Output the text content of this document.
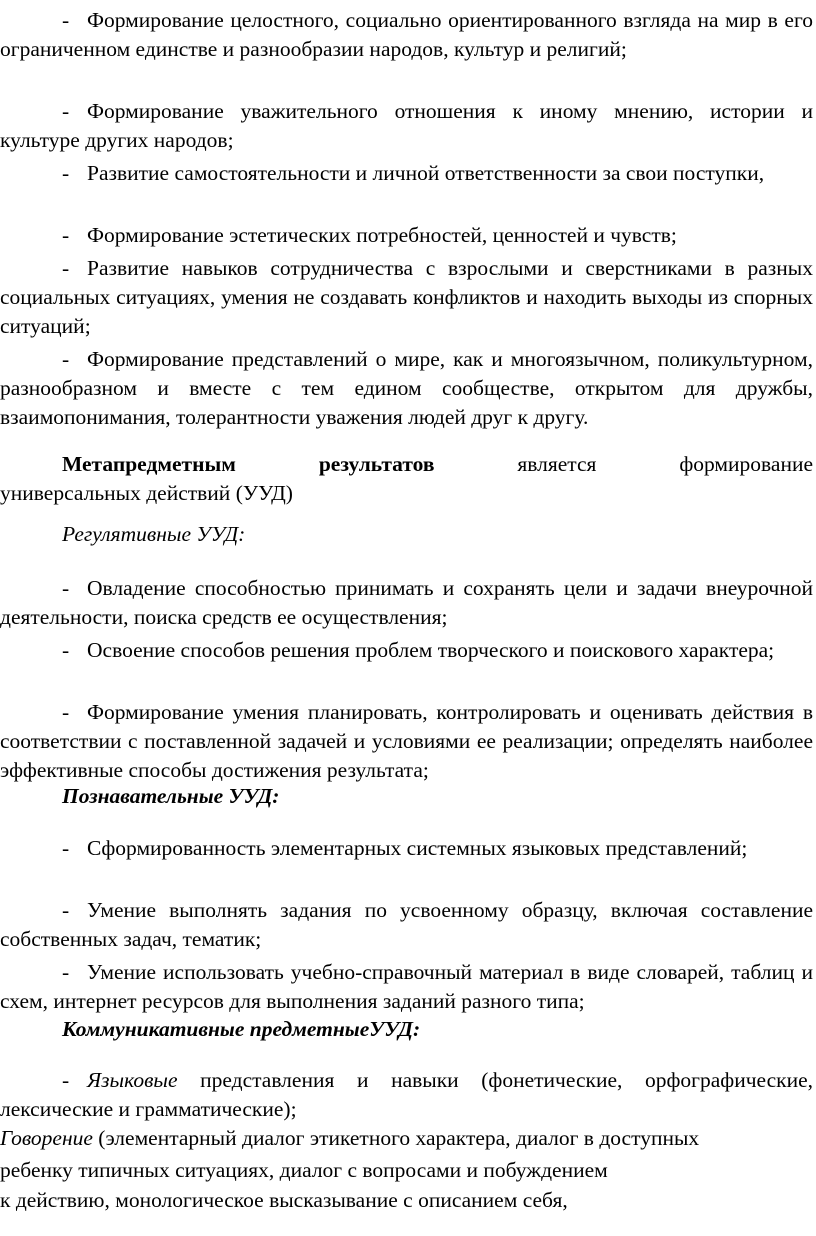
- Формирование целостного, социально ориентированного взгляда на мир в его ограниченном единстве и разнообразии народов, культур и религий;

- Формирование уважительного отношения к иному мнению, истории и культуре других народов;

- Развитие самостоятельности и личной ответственности за свои поступки,

- Формирование эстетических потребностей, ценностей и чувств;

- Развитие навыков сотрудничества с взрослыми и сверстниками в разных социальных ситуациях, умения не создавать конфликтов и находить выходы из спорных ситуаций;

- Формирование представлений о мире, как и многоязычном, поликультурном, разнообразном и вместе с тем едином сообществе, открытом для дружбы, взаимопонимания, толерантности уважения людей друг к другу.

Метапредметным	результатов	является	формирование

универсальных действий (УУД)

Регулятивные УУД:

- Овладение способностью принимать и сохранять цели и задачи внеурочной деятельности, поиска средств ее осуществления;

- Освоение способов решения проблем творческого и поискового характера;

- Формирование умения планировать, контролировать и оценивать действия в соответствии с поставленной задачей и условиями ее реализации; определять наиболее эффективные способы достижения результата;

Познавательные УУД:

- Сформированность элементарных системных языковых представлений;

- Умение выполнять задания по усвоенному образцу, включая составление собственных задач, тематик;

- Умение использовать учебно-справочный материал в виде словарей, таблиц и схем, интернет ресурсов для выполнения заданий разного типа;

Коммуникативные предметныеУУД:

- Языковые представления и навыки (фонетические, орфографические, лексические и грамматические);

Говорение (элементарный диалог этикетного характера, диалог в доступных

ребенку типичных ситуациях, диалог с вопросами и побуждением

к действию, монологическое высказывание с описанием себя,
